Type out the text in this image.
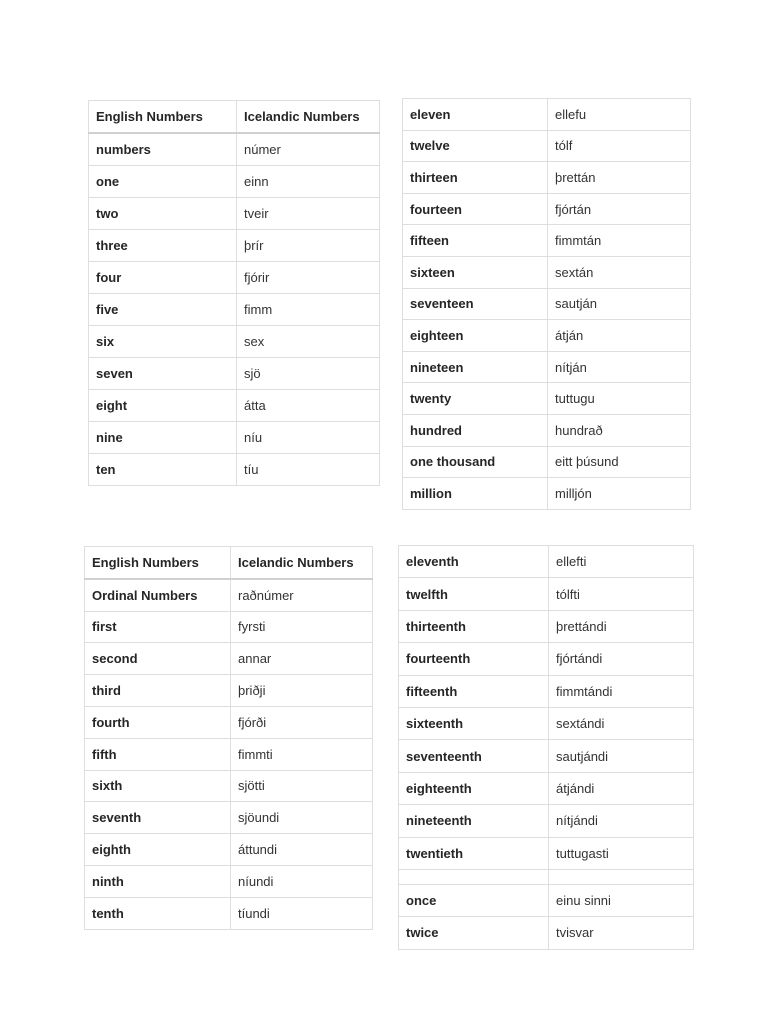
English Numbers	Icelandic Numbers
numbers	númer
one	einn
two	tveir
three	þrír
four	fjórir
five	fimm
six	sex
seven	sjö
eight	átta
nine	níu
ten	tíu
eleven	ellefu
twelve	tólf
thirteen	þrettán
fourteen	fjórtán
fifteen	fimmtán
sixteen	sextán
seventeen	sautján
eighteen	átján
nineteen	nítján
twenty	tuttugu
hundred	hundrað
one thousand	eitt þúsund
million	milljón
English Numbers	Icelandic Numbers
Ordinal Numbers	raðnúmer
first	fyrsti
second	annar
third	þriðji
fourth	fjórði
fifth	fimmti
sixth	sjötti
seventh	sjöundi
eighth	áttundi
ninth	níundi
tenth	tíundi
eleventh	ellefti
twelfth	tólfti
thirteenth	þrettándi
fourteenth	fjórtándi
fifteenth	fimmtándi
sixteenth	sextándi
seventeenth	sautjándi
eighteenth	átjándi
nineteenth	nítjándi
twentieth	tuttugasti

once	einu sinni
twice	tvisvar
